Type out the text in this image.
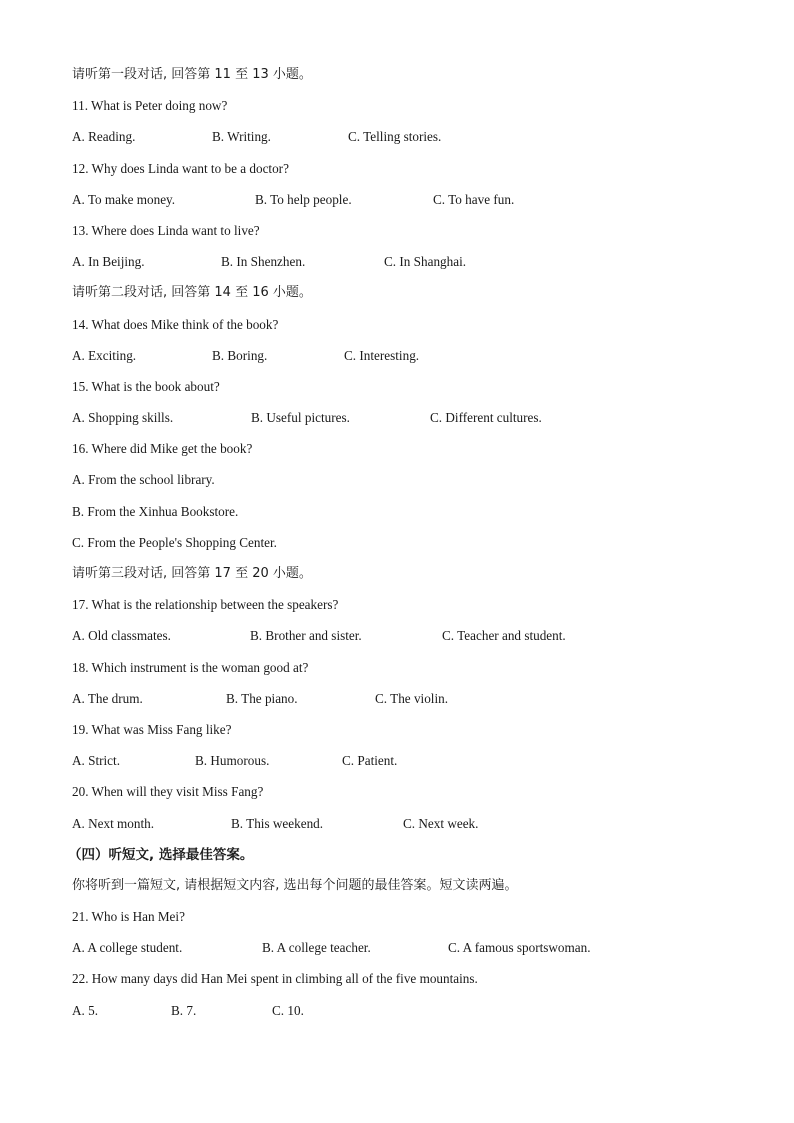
请听第一段对话, 回答第 11 至 13 小题。
11. What is Peter doing now?
A. Reading.	B. Writing.	C. Telling stories.
12. Why does Linda want to be a doctor?
A. To make money.	B. To help people.	C. To have fun.
13. Where does Linda want to live?
A. In Beijing.	B. In Shenzhen.	C. In Shanghai.
请听第二段对话, 回答第 14 至 16 小题。
14. What does Mike think of the book?
A. Exciting.	B. Boring.	C. Interesting.
15. What is the book about?
A. Shopping skills.	B. Useful pictures.	C. Different cultures.
16. Where did Mike get the book?
A. From the school library.
B. From the Xinhua Bookstore.
C. From the People's Shopping Center.
请听第三段对话, 回答第 17 至 20 小题。
17. What is the relationship between the speakers?
A. Old classmates.	B. Brother and sister.	C. Teacher and student.
18. Which instrument is the woman good at?
A. The drum.	B. The piano.	C. The violin.
19. What was Miss Fang like?
A. Strict.	B. Humorous.	C. Patient.
20. When will they visit Miss Fang?
A. Next month.	B. This weekend.	C. Next week.
（四）听短文, 选择最佳答案。
你将听到一篇短文, 请根据短文内容, 选出每个问题的最佳答案。短文读两遍。
21. Who is Han Mei?
A. A college student.	B. A college teacher.	C. A famous sportswoman.
22. How many days did Han Mei spent in climbing all of the five mountains.
A. 5.	B. 7.	C. 10.
